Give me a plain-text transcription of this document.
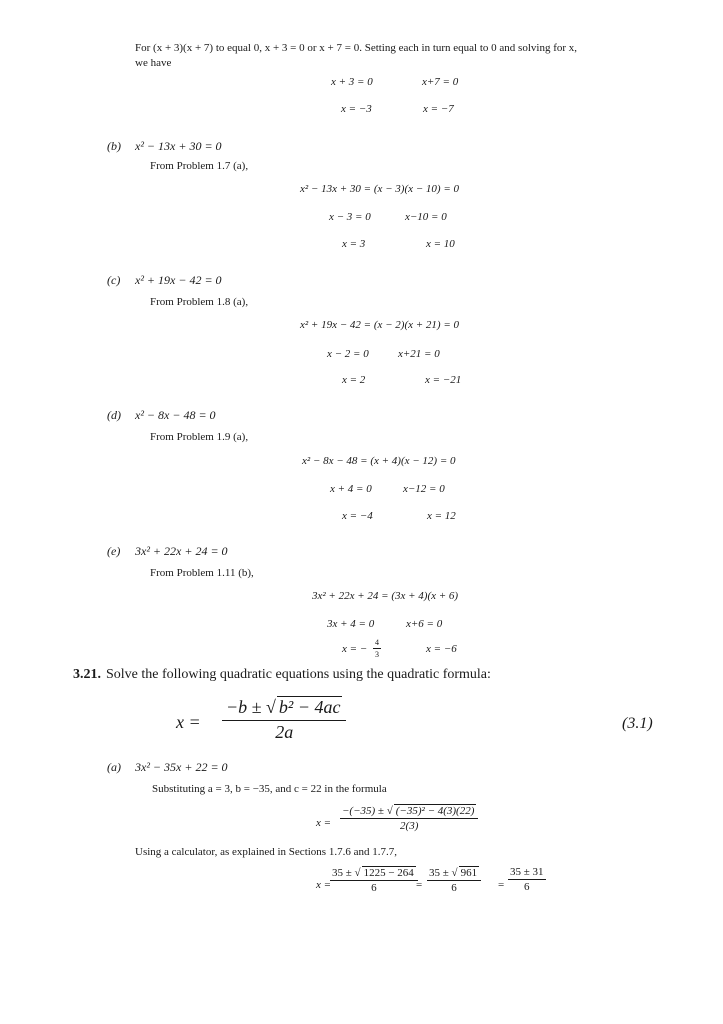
For (x + 3)(x + 7) to equal 0, x + 3 = 0 or x + 7 = 0. Setting each in turn equal to 0 and solving for x,
we have
x + 3 = 0	x+7 = 0
x = −3	x = −7
(b) x² − 13x + 30 = 0
From Problem 1.7 (a),
x² − 13x + 30 = (x − 3)(x − 10) = 0
x − 3 = 0	x−10 = 0
x = 3	x = 10
(c) x² + 19x − 42 = 0
From Problem 1.8 (a),
x² + 19x − 42 = (x − 2)(x + 21) = 0
x − 2 = 0	x+21 = 0
x = 2	x = −21
(d) x² − 8x − 48 = 0
From Problem 1.9 (a),
x² − 8x − 48 = (x + 4)(x − 12) = 0
x + 4 = 0	x−12 = 0
x = −4	x = 12
(e) 3x² + 22x + 24 = 0
From Problem 1.11 (b),
3x² + 22x + 24 = (3x + 4)(x + 6)
3x + 4 = 0	x+6 = 0
x = − $\frac{4}{3}$	x = −6
3.21. Solve the following quadratic equations using the quadratic formula:
$x = \frac{\text{−b ± √ b² − 4ac}}{2a}$	(3.1)
(a) 3x² − 35x + 22 = 0
Substituting a = 3, b = −35, and c = 22 in the formula
$x = \frac{\text{−(−35) ± √ (−35)² − 4(3)(22)}}{2(3)}$
Using a calculator, as explained in Sections 1.7.6 and 1.7.7,
x =
$\frac{35 \pm √ 1225 - 264}{6}$
= $\frac{35 \pm √ 961}{6} = \frac{35 \pm 31}{6}$
